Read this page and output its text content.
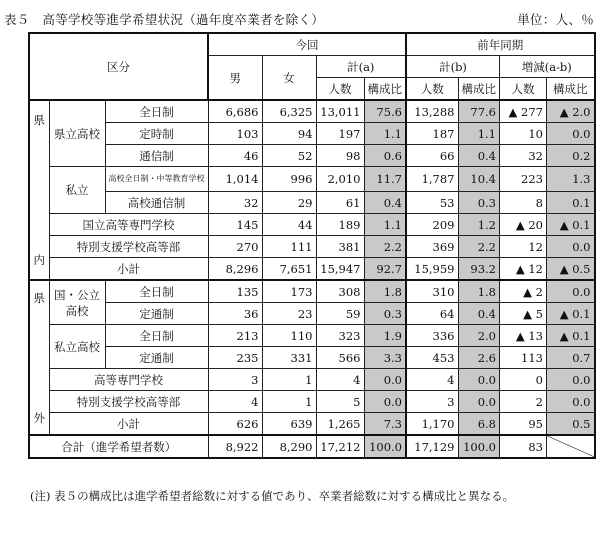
表５　高等学校等進学希望状況（過年度卒業者を除く）	単位：人、％
区分			今回				前年同期			
			男	女	計(a)		計(b)		増減(a-b)	
					人数	構成比	人数	構成比	人数	構成比
県

内	県立高校	全日制	6,686	6,325	13,011	75.6	13,288	77.6	▲ 277	▲ 2.0
		定時制	103	94	197	1.1	187	1.1	10	0.0
		通信制	46	52	98	0.6	66	0.4	32	0.2
	私立	高校全日制・中等教育学校	1,014	996	2,010	11.7	1,787	10.4	223	1.3
		高校通信制	32	29	61	0.4	53	0.3	8	0.1
	国立高等専門学校		145	44	189	1.1	209	1.2	▲ 20	▲ 0.1
	特別支援学校高等部		270	111	381	2.2	369	2.2	12	0.0
	小計		8,296	7,651	15,947	92.7	15,959	93.2	▲ 12	▲ 0.5
県

外	国・公立
高校	全日制	135	173	308	1.8	310	1.8	▲ 2	0.0
		定通制	36	23	59	0.3	64	0.4	▲ 5	▲ 0.1
	私立高校	全日制	213	110	323	1.9	336	2.0	▲ 13	▲ 0.1
		定通制	235	331	566	3.3	453	2.6	113	0.7
	高等専門学校		3	1	4	0.0	4	0.0	0	0.0
	特別支援学校高等部		4	1	5	0.0	3	0.0	2	0.0
	小計		626	639	1,265	7.3	1,170	6.8	95	0.5
合計（進学希望者数）			8,922	8,290	17,212	100.0	17,129	100.0	83	
(注) 表５の構成比は進学希望者総数に対する値であり、卒業者総数に対する構成比と異なる。
